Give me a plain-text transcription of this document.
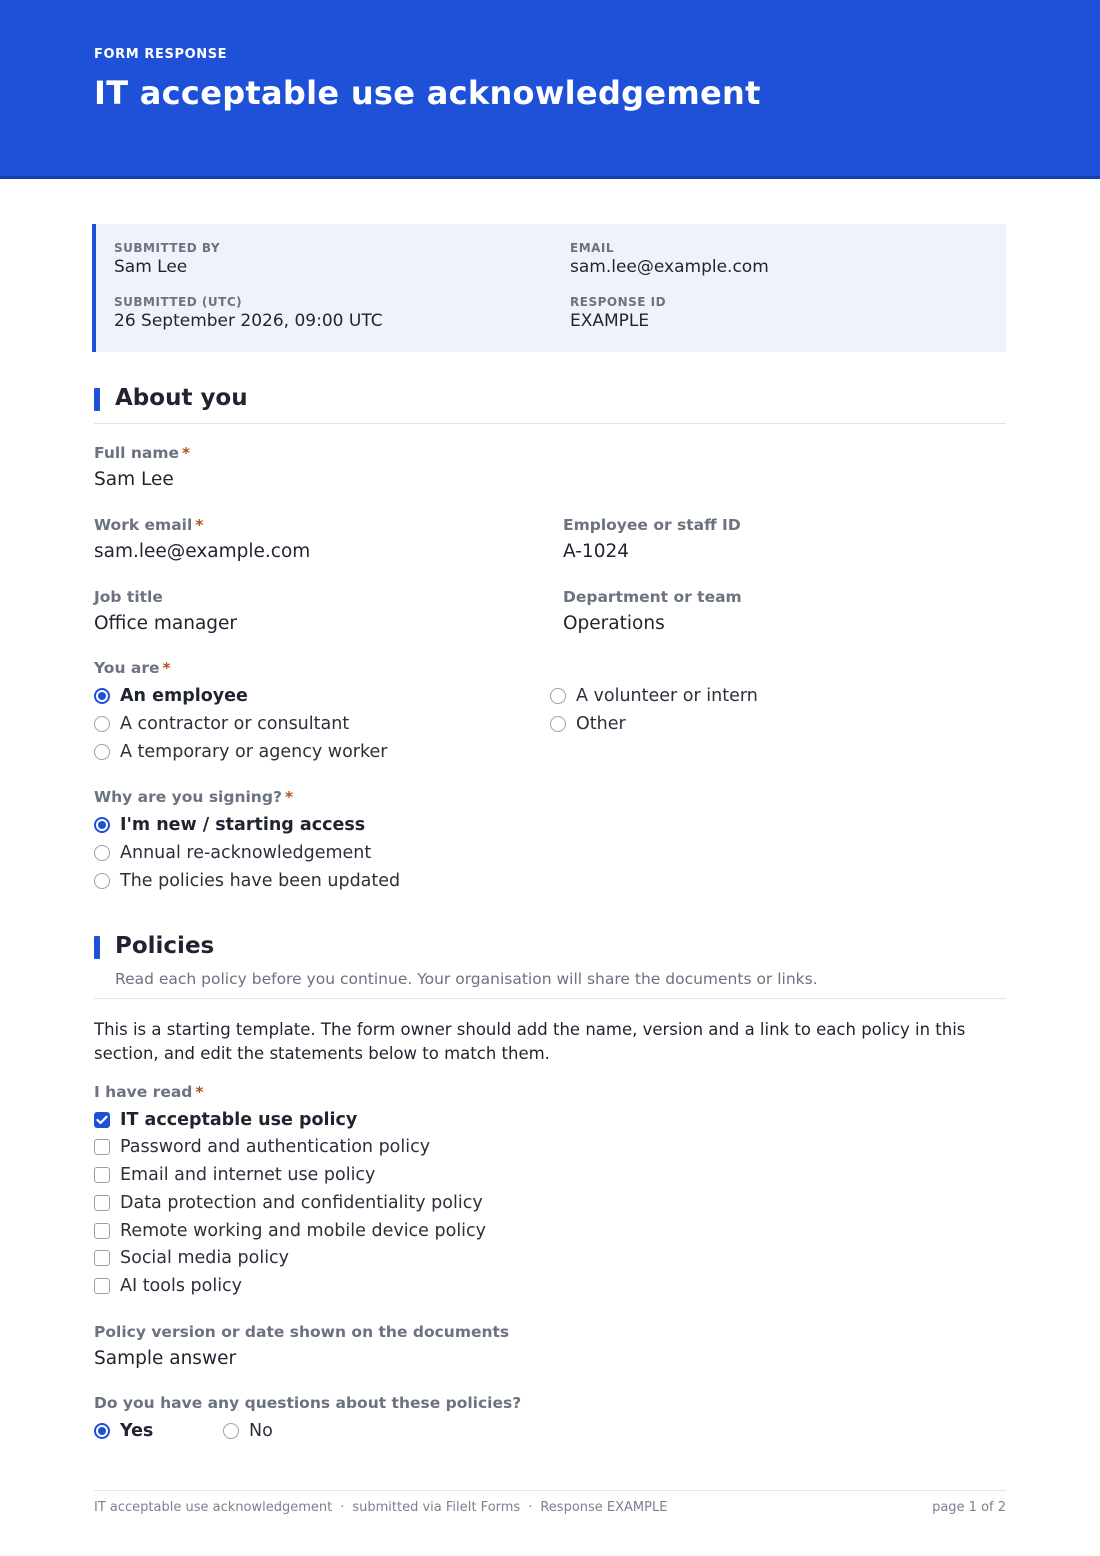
FORM RESPONSE
IT acceptable use acknowledgement
SUBMITTED BY
Sam Lee
EMAIL
sam.lee@example.com
SUBMITTED (UTC)
26 September 2026, 09:00 UTC
RESPONSE ID
EXAMPLE
About you
Full name *
Sam Lee
Work email *
sam.lee@example.com
Employee or staff ID
A-1024
Job title
Office manager
Department or team
Operations
You are *
An employee
A contractor or consultant
A temporary or agency worker
A volunteer or intern
Other
Why are you signing? *
I'm new / starting access
Annual re-acknowledgement
The policies have been updated
Policies
Read each policy before you continue. Your organisation will share the documents or links.
This is a starting template. The form owner should add the name, version and a link to each policy in this section, and edit the statements below to match them.
I have read *
IT acceptable use policy
Password and authentication policy
Email and internet use policy
Data protection and confidentiality policy
Remote working and mobile device policy
Social media policy
AI tools policy
Policy version or date shown on the documents
Sample answer
Do you have any questions about these policies?
Yes	No
IT acceptable use acknowledgement · submitted via FileIt Forms · Response EXAMPLE	page 1 of 2
